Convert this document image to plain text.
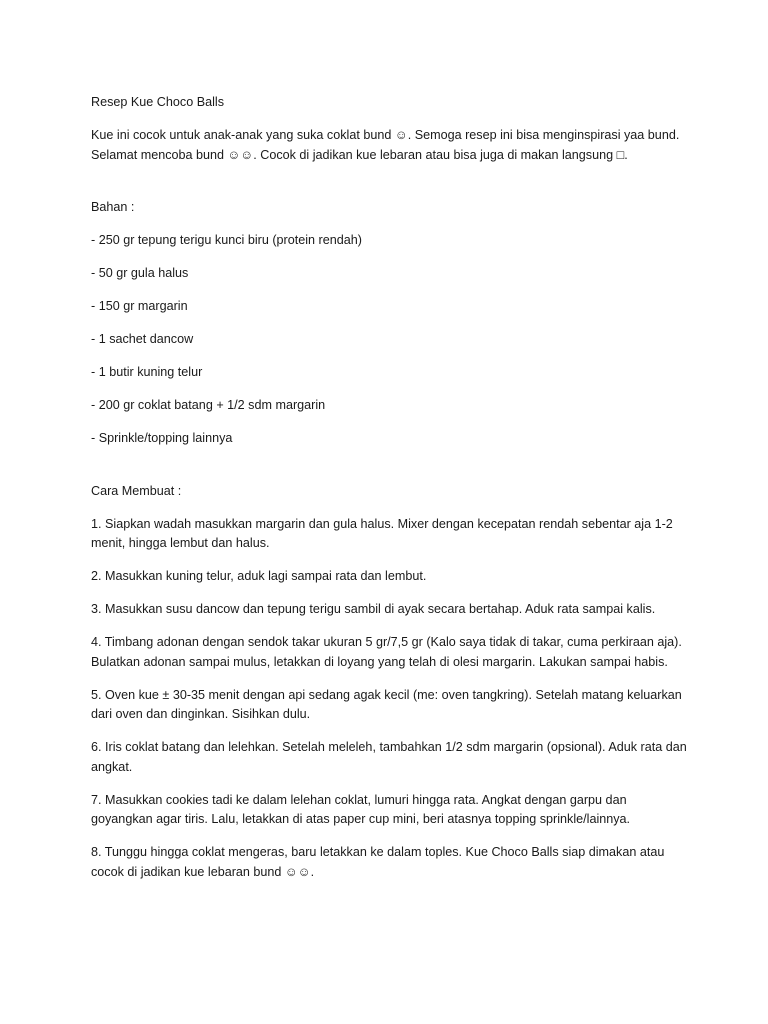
Resep Kue Choco Balls

Kue ini cocok untuk anak-anak yang suka coklat bund ☺. Semoga resep ini bisa menginspirasi yaa bund. Selamat mencoba bund ☺☺. Cocok di jadikan kue lebaran atau bisa juga di makan langsung □.

Bahan :

- 250 gr tepung terigu kunci biru (protein rendah)

- 50 gr gula halus

- 150 gr margarin

- 1 sachet dancow

- 1 butir kuning telur

- 200 gr coklat batang + 1/2 sdm margarin

- Sprinkle/topping lainnya

Cara Membuat :

1. Siapkan wadah masukkan margarin dan gula halus. Mixer dengan kecepatan rendah sebentar aja 1-2 menit, hingga lembut dan halus.

2. Masukkan kuning telur, aduk lagi sampai rata dan lembut.

3. Masukkan susu dancow dan tepung terigu sambil di ayak secara bertahap. Aduk rata sampai kalis.

4. Timbang adonan dengan sendok takar ukuran 5 gr/7,5 gr (Kalo saya tidak di takar, cuma perkiraan aja). Bulatkan adonan sampai mulus, letakkan di loyang yang telah di olesi margarin. Lakukan sampai habis.

5. Oven kue ± 30-35 menit dengan api sedang agak kecil (me: oven tangkring). Setelah matang keluarkan dari oven dan dinginkan. Sisihkan dulu.

6. Iris coklat batang dan lelehkan. Setelah meleleh, tambahkan 1/2 sdm margarin (opsional). Aduk rata dan angkat.

7. Masukkan cookies tadi ke dalam lelehan coklat, lumuri hingga rata. Angkat dengan garpu dan goyangkan agar tiris. Lalu, letakkan di atas paper cup mini, beri atasnya topping sprinkle/lainnya.

8. Tunggu hingga coklat mengeras, baru letakkan ke dalam toples. Kue Choco Balls siap dimakan atau cocok di jadikan kue lebaran bund ☺☺.
